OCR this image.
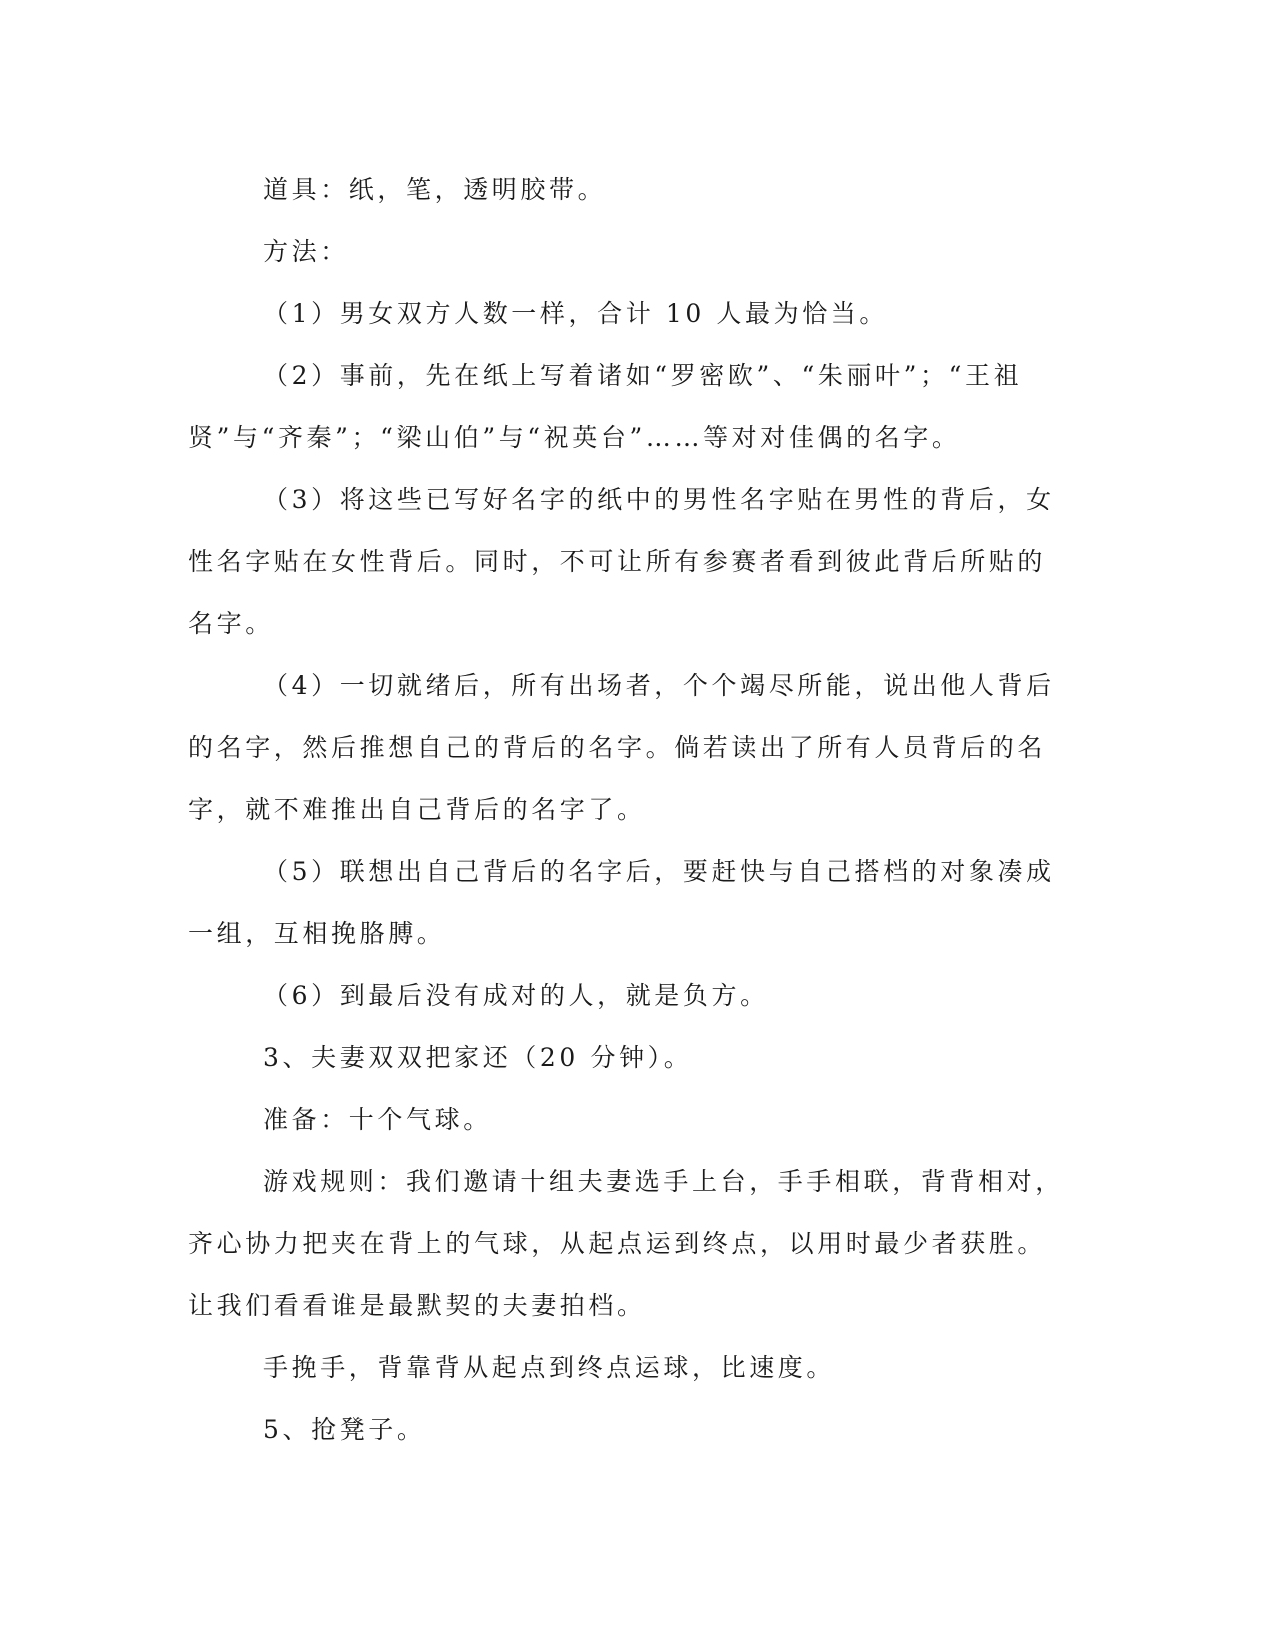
道具：纸，笔，透明胶带。

方法：

（1）男女双方人数一样，合计 10 人最为恰当。

（2）事前，先在纸上写着诸如“罗密欧”、“朱丽叶”；“王祖贤”与“齐秦”；“梁山伯”与“祝英台”……等对对佳偶的名字。

（3）将这些已写好名字的纸中的男性名字贴在男性的背后，女性名字贴在女性背后。同时，不可让所有参赛者看到彼此背后所贴的名字。

（4）一切就绪后，所有出场者，个个竭尽所能，说出他人背后的名字，然后推想自己的背后的名字。倘若读出了所有人员背后的名字，就不难推出自己背后的名字了。

（5）联想出自己背后的名字后，要赶快与自己搭档的对象凑成一组，互相挽胳膊。

（6）到最后没有成对的人，就是负方。

3、夫妻双双把家还（20 分钟）。

准备：十个气球。

游戏规则：我们邀请十组夫妻选手上台，手手相联，背背相对，齐心协力把夹在背上的气球，从起点运到终点，以用时最少者获胜。让我们看看谁是最默契的夫妻拍档。

手挽手，背靠背从起点到终点运球，比速度。

5、抢凳子。
